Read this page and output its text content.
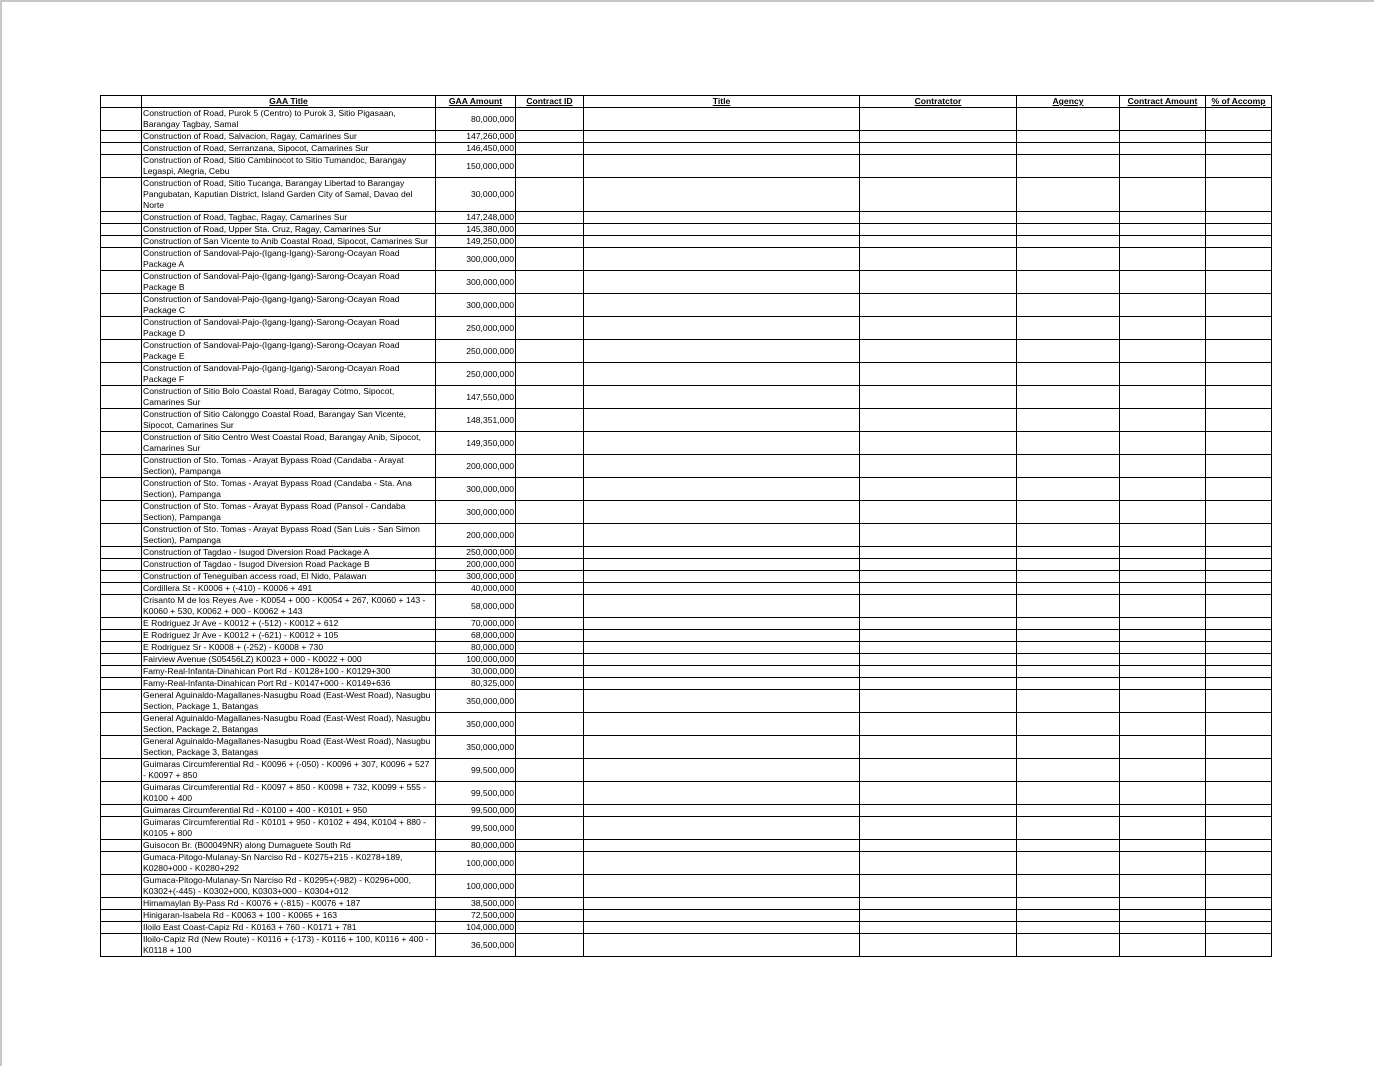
	GAA Title	GAA Amount	Contract ID	Title	Contratctor	Agency	Contract Amount	% of Accomp
	Construction of Road, Purok 5 (Centro) to Purok 3, Sitio Pigasaan, Barangay Tagbay, Samal	80,000,000						
	Construction of Road, Salvacion, Ragay, Camarines Sur	147,260,000						
	Construction of Road, Serranzana, Sipocot, Camarines Sur	146,450,000						
	Construction of Road, Sitio Cambinocot to Sitio Tumandoc, Barangay Legaspi, Alegria, Cebu	150,000,000						
	Construction of Road, Sitio Tucanga, Barangay Libertad to Barangay Pangubatan, Kaputian District, Island Garden City of Samal, Davao del Norte	30,000,000						
	Construction of Road, Tagbac, Ragay, Camarines Sur	147,248,000						
	Construction of Road, Upper Sta. Cruz, Ragay, Camarines Sur	145,380,000						
	Construction of San Vicente to Anib Coastal Road, Sipocot, Camarines Sur	149,250,000						
	Construction of Sandoval-Pajo-(Igang-Igang)-Sarong-Ocayan Road Package A	300,000,000						
	Construction of Sandoval-Pajo-(Igang-Igang)-Sarong-Ocayan Road Package B	300,000,000						
	Construction of Sandoval-Pajo-(Igang-Igang)-Sarong-Ocayan Road Package C	300,000,000						
	Construction of Sandoval-Pajo-(Igang-Igang)-Sarong-Ocayan Road Package D	250,000,000						
	Construction of Sandoval-Pajo-(Igang-Igang)-Sarong-Ocayan Road Package E	250,000,000						
	Construction of Sandoval-Pajo-(Igang-Igang)-Sarong-Ocayan Road Package F	250,000,000						
	Construction of Sitio Bolo Coastal Road, Baragay Cotmo, Sipocot, Camarines Sur	147,550,000						
	Construction of Sitio Calonggo Coastal Road, Barangay San Vicente, Sipocot, Camarines Sur	148,351,000						
	Construction of Sitio Centro West Coastal Road, Barangay Anib, Sipocot, Camarines Sur	149,350,000						
	Construction of Sto. Tomas - Arayat Bypass Road (Candaba - Arayat Section), Pampanga	200,000,000						
	Construction of Sto. Tomas - Arayat Bypass Road (Candaba - Sta. Ana Section), Pampanga	300,000,000						
	Construction of Sto. Tomas - Arayat Bypass Road (Pansol - Candaba Section), Pampanga	300,000,000						
	Construction of Sto. Tomas - Arayat Bypass Road (San Luis - San Simon Section), Pampanga	200,000,000						
	Construction of Tagdao - Isugod Diversion Road Package A	250,000,000						
	Construction of Tagdao - Isugod Diversion Road Package B	200,000,000						
	Construction of Teneguiban access road, El Nido, Palawan	300,000,000						
	Cordillera St - K0006 + (-410) - K0006 + 491	40,000,000						
	Crisanto M de los Reyes Ave - K0054 + 000 - K0054 + 267, K0060 + 143 - K0060 + 530, K0062 + 000 - K0062 + 143	58,000,000						
	E Rodriguez Jr Ave - K0012 + (-512) - K0012 + 612	70,000,000						
	E Rodriguez Jr Ave - K0012 + (-621) - K0012 + 105	68,000,000						
	E Rodriguez Sr - K0008 + (-252) - K0008 + 730	80,000,000						
	Fairview Avenue (S05456LZ) K0023 + 000 - K0022 + 000	100,000,000						
	Famy-Real-Infanta-Dinahican Port Rd - K0128+100 - K0129+300	30,000,000						
	Famy-Real-Infanta-Dinahican Port Rd - K0147+000 - K0149+636	80,325,000						
	General Aguinaldo-Magallanes-Nasugbu Road (East-West Road), Nasugbu Section, Package 1, Batangas	350,000,000						
	General Aguinaldo-Magallanes-Nasugbu Road (East-West Road), Nasugbu Section, Package 2, Batangas	350,000,000						
	General Aguinaldo-Magallanes-Nasugbu Road (East-West Road), Nasugbu Section, Package 3, Batangas	350,000,000						
	Guimaras Circumferential Rd - K0096 + (-050) - K0096 + 307, K0096 + 527 - K0097 + 850	99,500,000						
	Guimaras Circumferential Rd - K0097 + 850 - K0098 + 732, K0099 + 555 - K0100 + 400	99,500,000						
	Guimaras Circumferential Rd - K0100 + 400 - K0101 + 950	99,500,000						
	Guimaras Circumferential Rd - K0101 + 950 - K0102 + 494, K0104 + 880 - K0105 + 800	99,500,000						
	Guisocon Br. (B00049NR) along Dumaguete South Rd	80,000,000						
	Gumaca-Pitogo-Mulanay-Sn Narciso Rd - K0275+215 - K0278+189, K0280+000 - K0280+292	100,000,000						
	Gumaca-Pitogo-Mulanay-Sn Narciso Rd - K0295+(-982) - K0296+000, K0302+(-445) - K0302+000, K0303+000 - K0304+012	100,000,000						
	Himamaylan By-Pass Rd - K0076 + (-815) - K0076 + 187	38,500,000						
	Hinigaran-Isabela Rd - K0063 + 100 - K0065 + 163	72,500,000						
	Iloilo East Coast-Capiz Rd - K0163 + 760 - K0171 + 781	104,000,000						
	Iloilo-Capiz Rd (New Route) - K0116 + (-173) - K0116 + 100, K0116 + 400 - K0118 + 100	36,500,000						
